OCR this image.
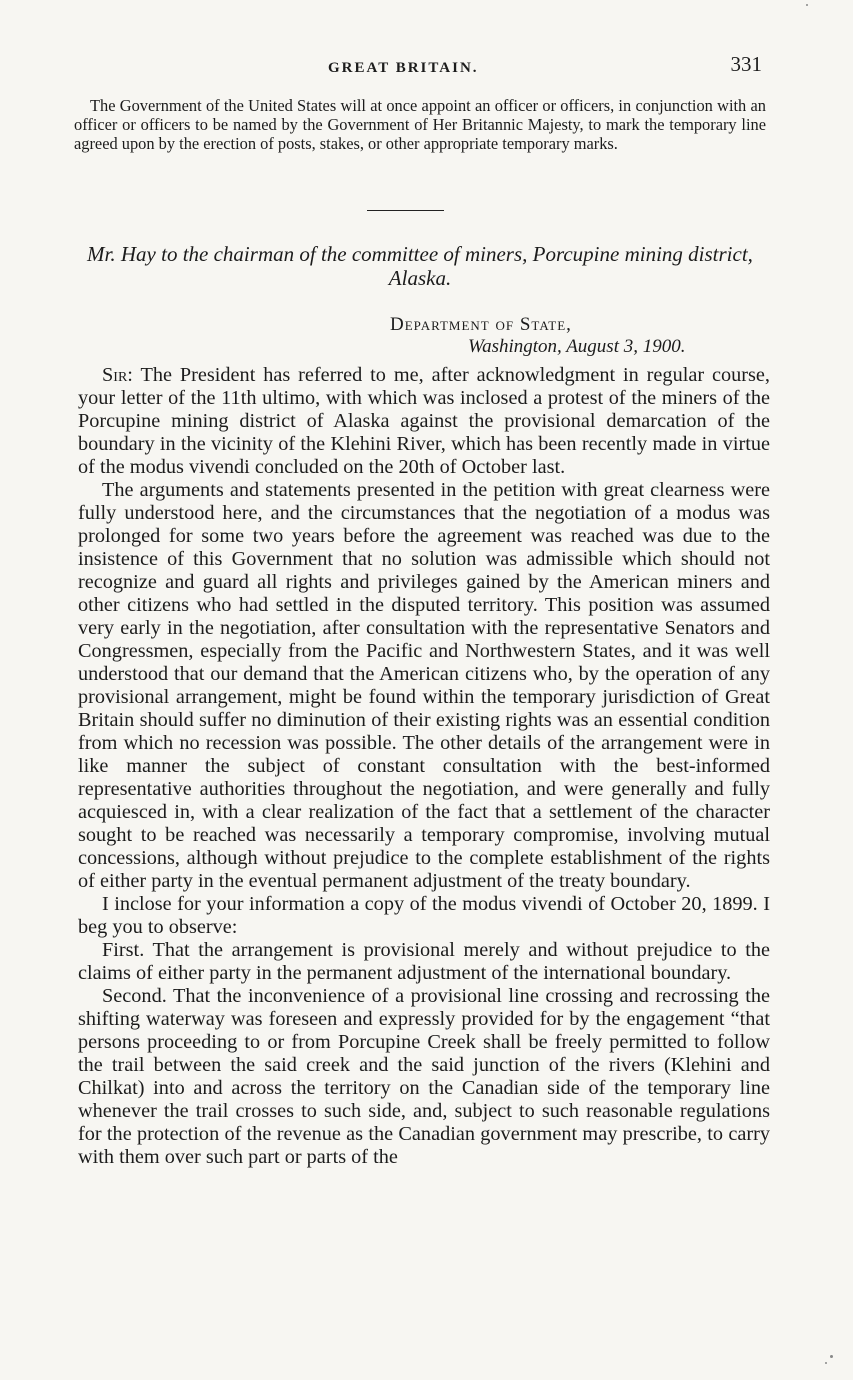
GREAT BRITAIN.	331

The Government of the United States will at once appoint an officer or officers, in conjunction with an officer or officers to be named by the Government of Her Britannic Majesty, to mark the temporary line agreed upon by the erection of posts, stakes, or other appropriate temporary marks.

Mr. Hay to the chairman of the committee of miners, Porcupine mining district, Alaska.
Department of State,
Washington, August 3, 1900.

Sir: The President has referred to me, after acknowledgment in regular course, your letter of the 11th ultimo, with which was inclosed a protest of the miners of the Porcupine mining district of Alaska against the provisional demarcation of the boundary in the vicinity of the Klehini River, which has been recently made in virtue of the modus vivendi concluded on the 20th of October last.

The arguments and statements presented in the petition with great clearness were fully understood here, and the circumstances that the negotiation of a modus was prolonged for some two years before the agreement was reached was due to the insistence of this Government that no solution was admissible which should not recognize and guard all rights and privileges gained by the American miners and other citizens who had settled in the disputed territory. This position was assumed very early in the negotiation, after consultation with the representative Senators and Congressmen, especially from the Pacific and Northwestern States, and it was well understood that our demand that the American citizens who, by the operation of any provisional arrangement, might be found within the temporary jurisdiction of Great Britain should suffer no diminution of their existing rights was an essential condition from which no recession was possible. The other details of the arrangement were in like manner the subject of constant consultation with the best-informed representative authorities throughout the negotiation, and were generally and fully acquiesced in, with a clear realization of the fact that a settlement of the character sought to be reached was necessarily a temporary compromise, involving mutual concessions, although without prejudice to the complete establishment of the rights of either party in the eventual permanent adjustment of the treaty boundary.

I inclose for your information a copy of the modus vivendi of October 20, 1899. I beg you to observe:

First. That the arrangement is provisional merely and without prejudice to the claims of either party in the permanent adjustment of the international boundary.

Second. That the inconvenience of a provisional line crossing and recrossing the shifting waterway was foreseen and expressly provided for by the engagement “that persons proceeding to or from Porcupine Creek shall be freely permitted to follow the trail between the said creek and the said junction of the rivers (Klehini and Chilkat) into and across the territory on the Canadian side of the temporary line whenever the trail crosses to such side, and, subject to such reasonable regulations for the protection of the revenue as the Canadian government may prescribe, to carry with them over such part or parts of the
